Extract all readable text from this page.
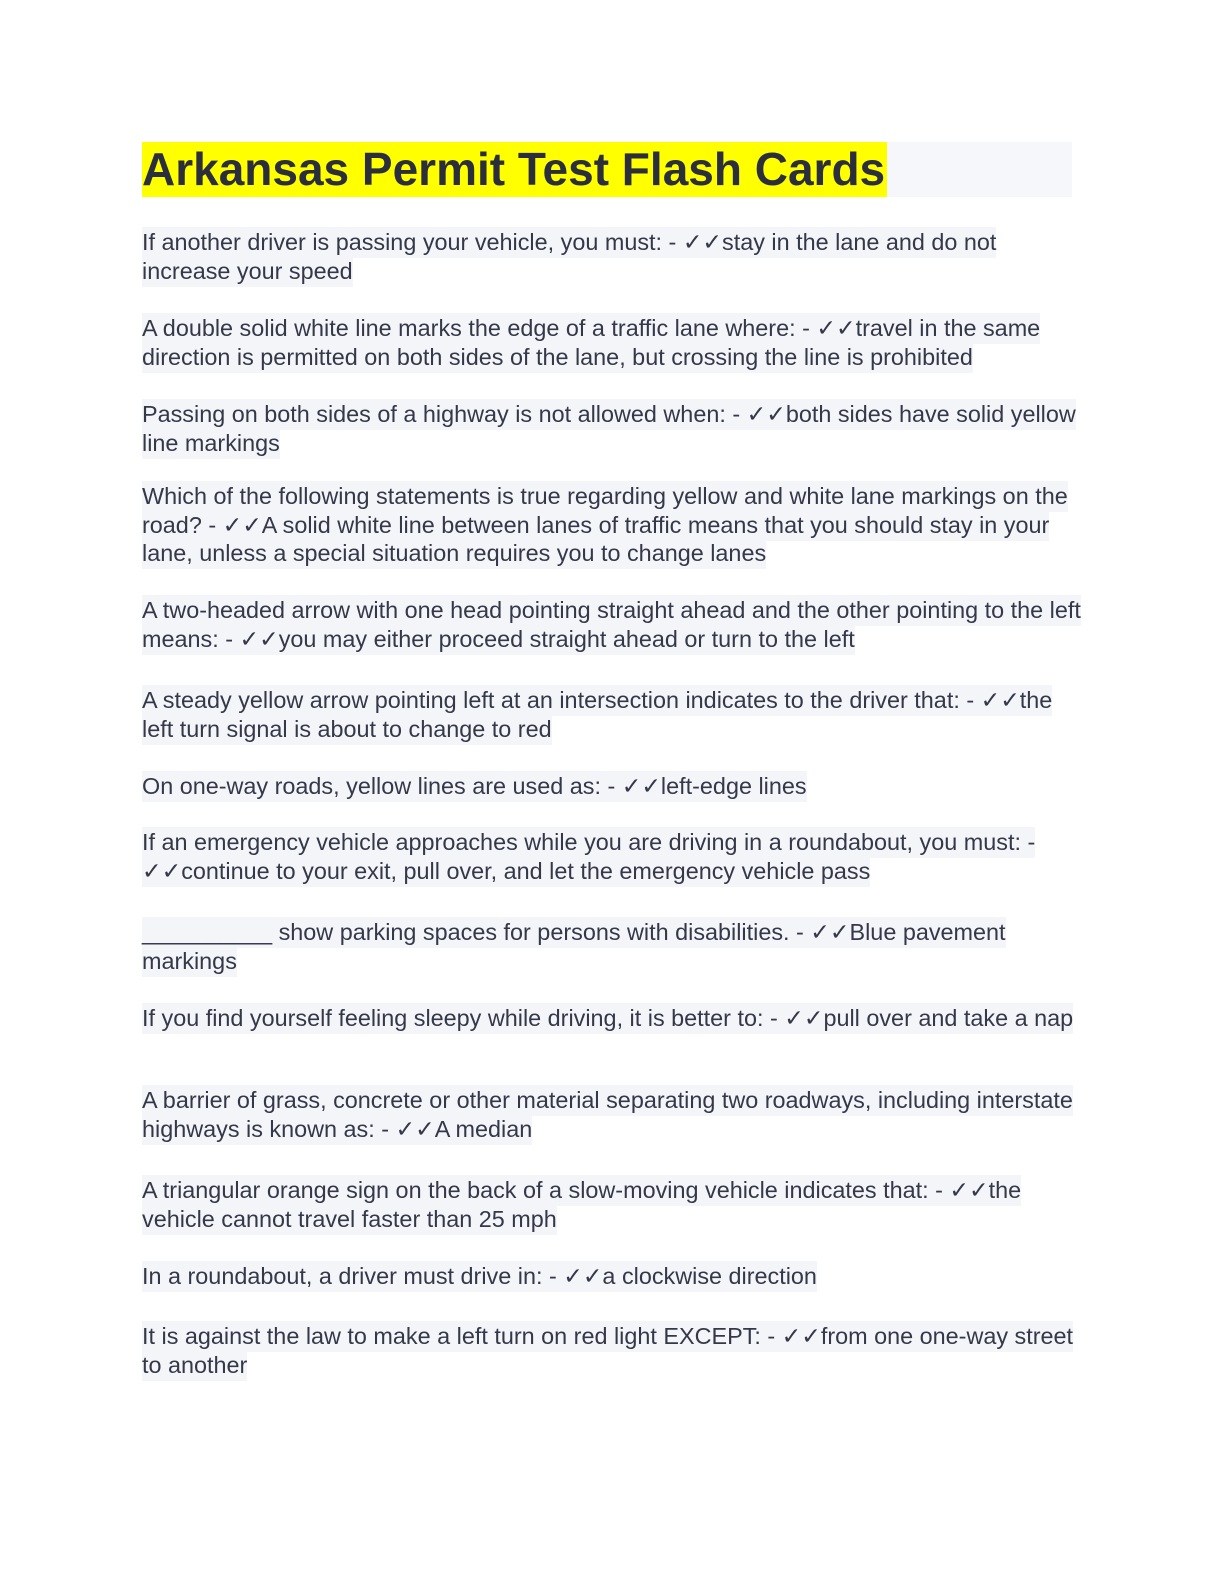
Arkansas Permit Test Flash Cards

If another driver is passing your vehicle, you must: - ✓✓stay in the lane and do not increase your speed

A double solid white line marks the edge of a traffic lane where: - ✓✓travel in the same direction is permitted on both sides of the lane, but crossing the line is prohibited

Passing on both sides of a highway is not allowed when: - ✓✓both sides have solid yellow line markings

Which of the following statements is true regarding yellow and white lane markings on the road? - ✓✓A solid white line between lanes of traffic means that you should stay in your lane, unless a special situation requires you to change lanes

A two-headed arrow with one head pointing straight ahead and the other pointing to the left means: - ✓✓you may either proceed straight ahead or turn to the left

A steady yellow arrow pointing left at an intersection indicates to the driver that: - ✓✓the left turn signal is about to change to red

On one-way roads, yellow lines are used as: - ✓✓left-edge lines

If an emergency vehicle approaches while you are driving in a roundabout, you must: - ✓✓continue to your exit, pull over, and let the emergency vehicle pass

__________ show parking spaces for persons with disabilities. - ✓✓Blue pavement markings

If you find yourself feeling sleepy while driving, it is better to: - ✓✓pull over and take a nap

A barrier of grass, concrete or other material separating two roadways, including interstate highways is known as: - ✓✓A median

A triangular orange sign on the back of a slow-moving vehicle indicates that: - ✓✓the vehicle cannot travel faster than 25 mph

In a roundabout, a driver must drive in: - ✓✓a clockwise direction

It is against the law to make a left turn on red light EXCEPT: - ✓✓from one one-way street to another
